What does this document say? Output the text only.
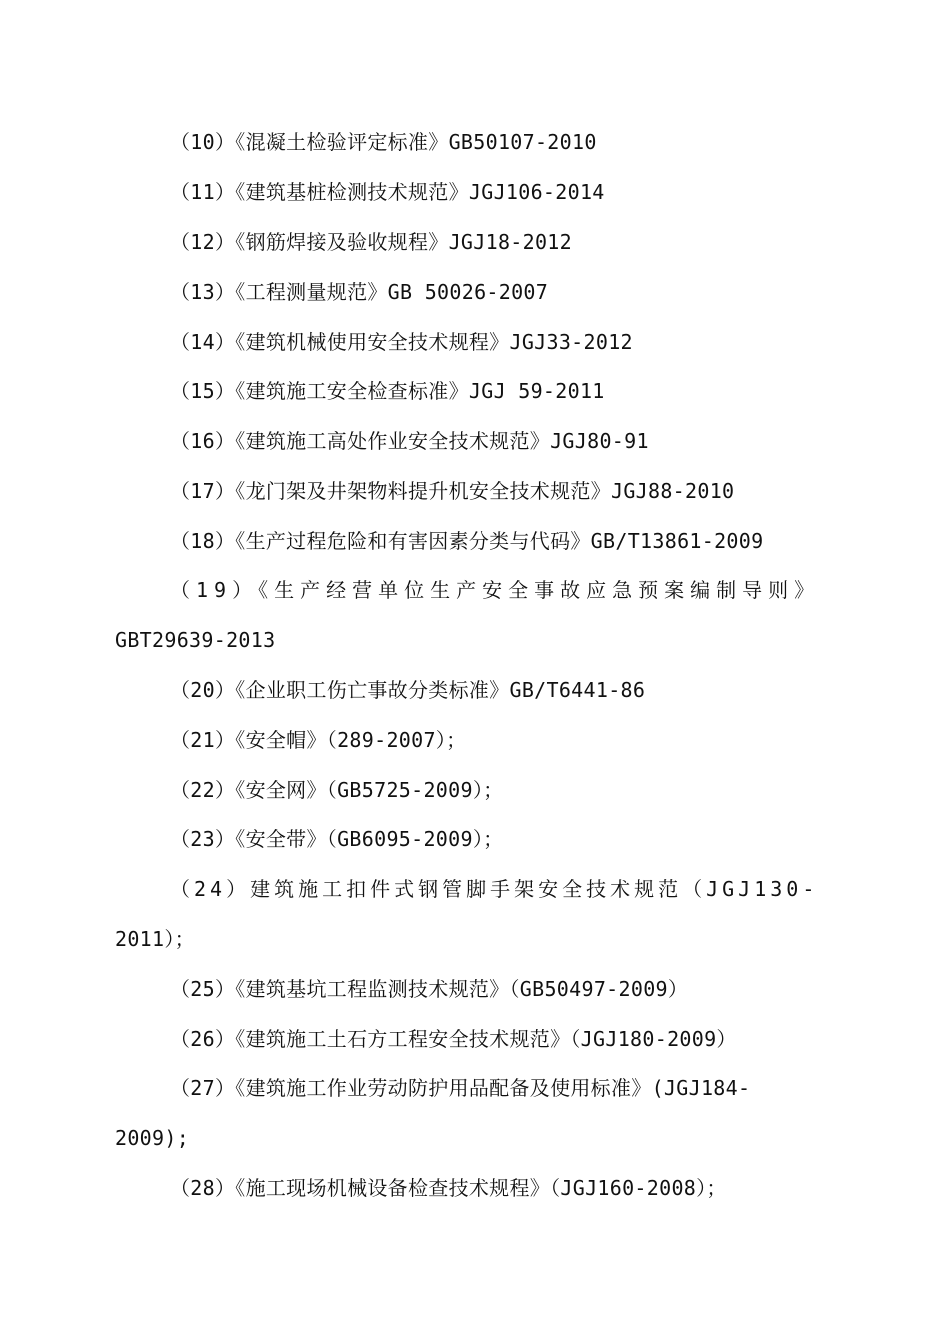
（10）《混凝土检验评定标准》GB50107-2010
（11）《建筑基桩检测技术规范》JGJ106-2014
（12）《钢筋焊接及验收规程》JGJ18-2012
（13）《工程测量规范》GB 50026-2007
（14）《建筑机械使用安全技术规程》JGJ33-2012
（15）《建筑施工安全检查标准》JGJ 59-2011
（16）《建筑施工高处作业安全技术规范》JGJ80-91
（17）《龙门架及井架物料提升机安全技术规范》JGJ88-2010
（18）《生产过程危险和有害因素分类与代码》GB/T13861-2009
（19）《生产经营单位生产安全事故应急预案编制导则》
GBT29639-2013
（20）《企业职工伤亡事故分类标准》GB/T6441-86
（21）《安全帽》（289-2007）；
（22）《安全网》（GB5725-2009）；
（23）《安全带》（GB6095-2009）；
（24）建筑施工扣件式钢管脚手架安全技术规范（JGJ130-
2011）；
（25）《建筑基坑工程监测技术规范》（GB50497-2009）
（26）《建筑施工土石方工程安全技术规范》（JGJ180-2009）
（27）《建筑施工作业劳动防护用品配备及使用标准》(JGJ184-
2009);
（28）《施工现场机械设备检查技术规程》（JGJ160-2008）；
